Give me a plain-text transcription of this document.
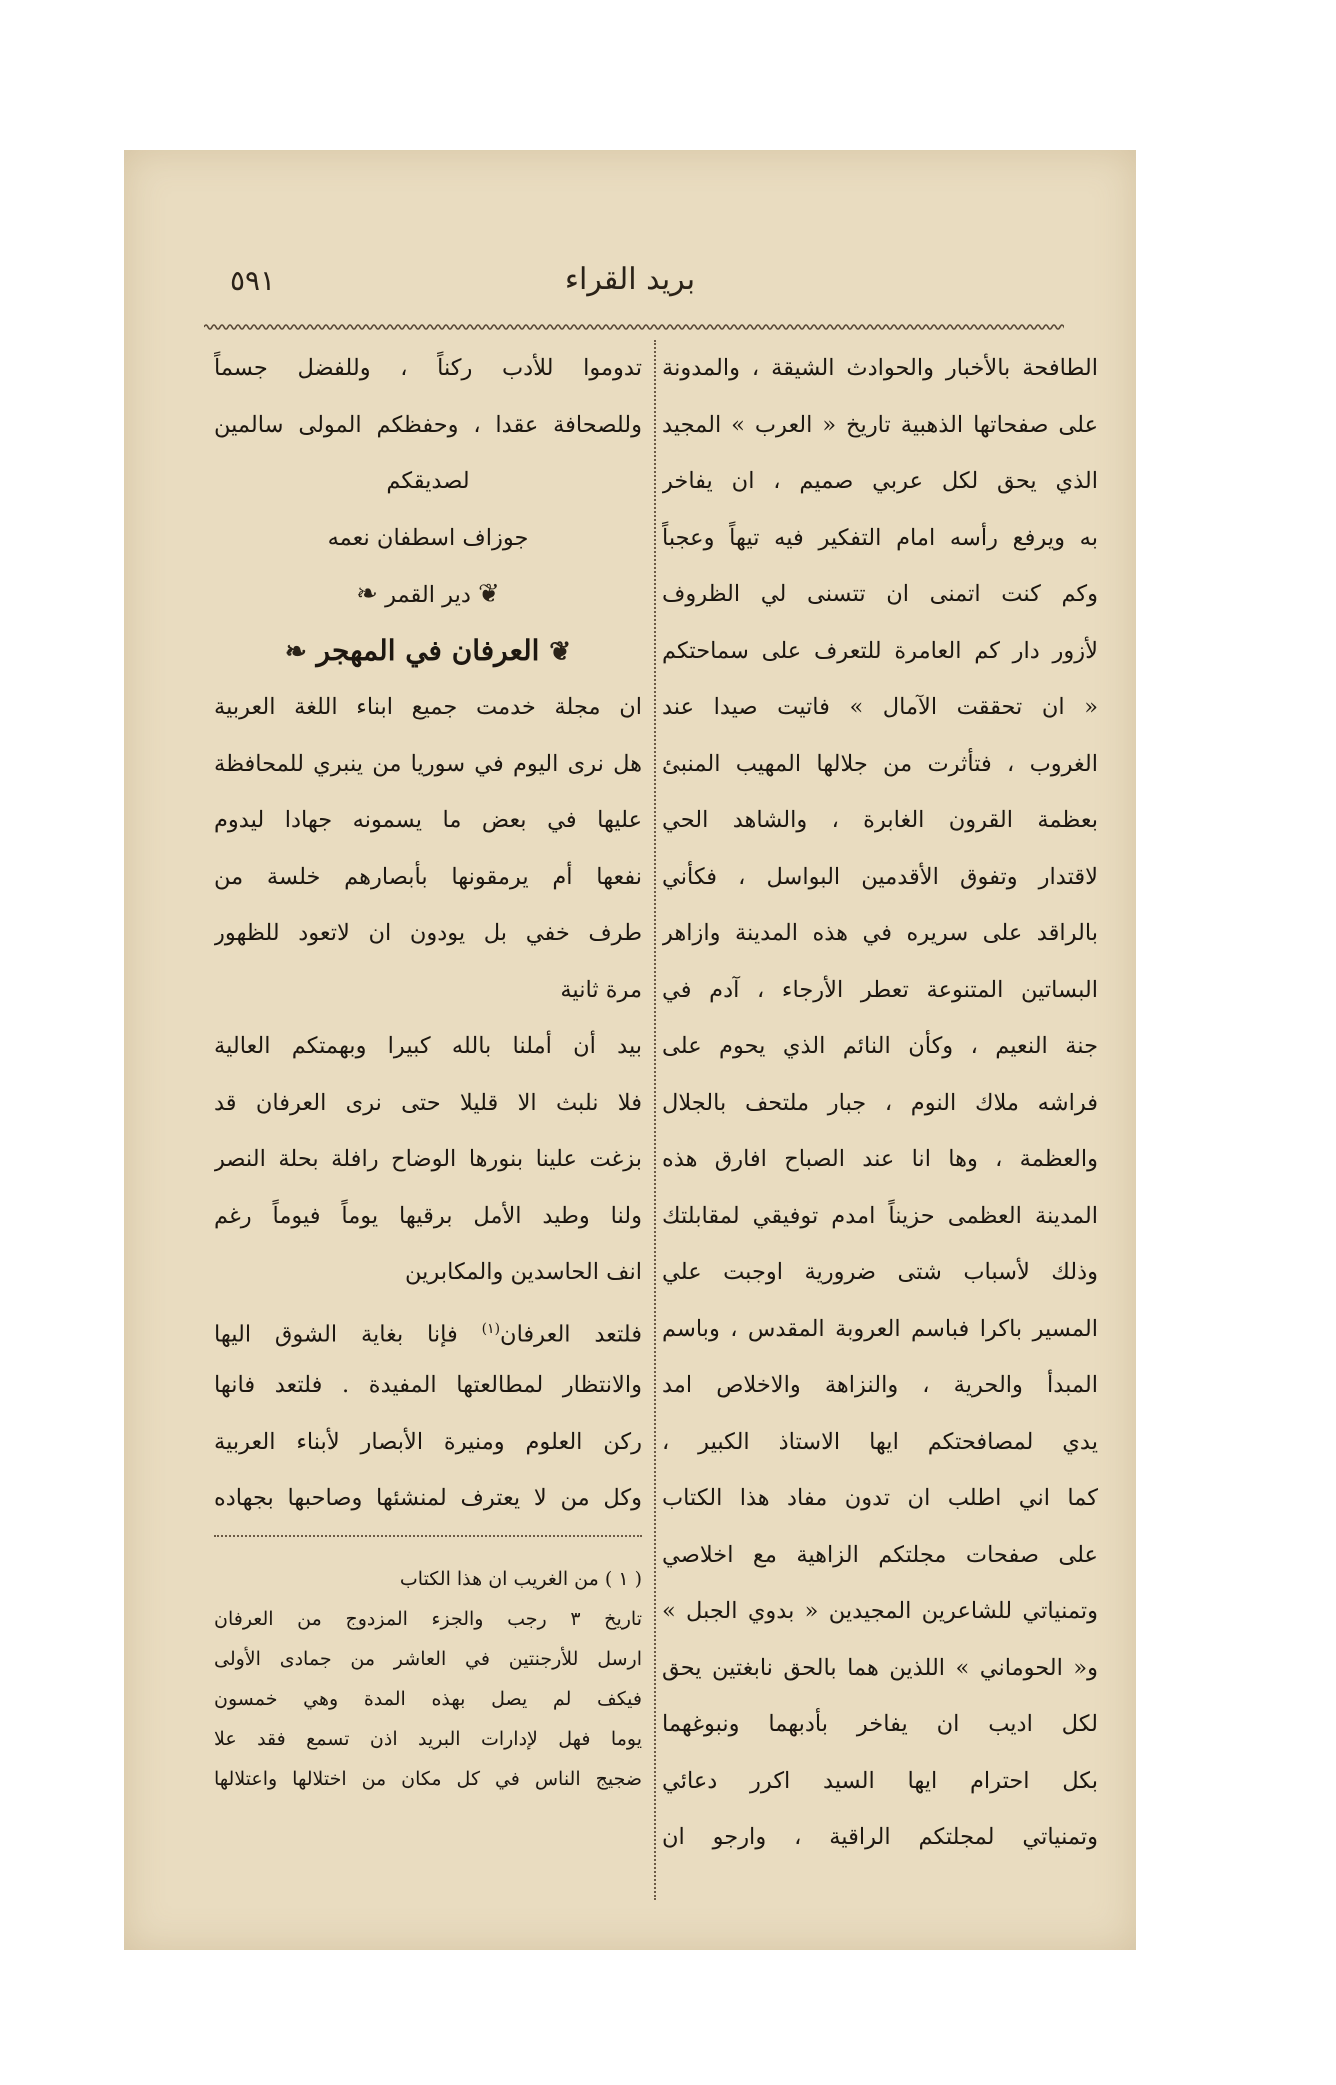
بريد القراء
٥٩١
الطافحة بالأخبار والحوادث الشيقة ، والمدونة
على صفحاتها الذهبية تاريخ « العرب » المجيد
الذي يحق لكل عربي صميم ، ان يفاخر
به ويرفع رأسه امام التفكير فيه تيهاً وعجباً
وكم كنت اتمنى ان تتسنى لي الظروف
لأزور دار كم العامرة للتعرف على سماحتكم
« ان تحققت الآمال » فاتيت صيدا عند
الغروب ، فتأثرت من جلالها المهيب المنبئ
بعظمة القرون الغابرة ، والشاهد الحي
لاقتدار وتفوق الأقدمين البواسل ، فكأني
بالراقد على سريره في هذه المدينة وازاهر
البساتين المتنوعة تعطر الأرجاء ، آدم في
جنة النعيم ، وكأن النائم الذي يحوم على
فراشه ملاك النوم ، جبار ملتحف بالجلال
والعظمة ، وها انا عند الصباح افارق هذه
المدينة العظمى حزيناً امدم توفيقي لمقابلتك
وذلك لأسباب شتى ضرورية اوجبت علي
المسير باكرا فباسم العروبة المقدس ، وباسم
المبدأ والحرية ، والنزاهة والاخلاص امد
يدي لمصافحتكم ايها الاستاذ الكبير ،
كما اني اطلب ان تدون مفاد هذا الكتاب
على صفحات مجلتكم الزاهية مع اخلاصي
وتمنياتي للشاعرين المجيدين « بدوي الجبل »
و« الحوماني » اللذين هما بالحق نابغتين يحق
لكل اديب ان يفاخر بأدبهما ونبوغهما
بكل احترام ايها السيد اكرر دعائي
وتمنياتي لمجلتكم الراقية ، وارجو ان
تدوموا للأدب ركناً ، وللفضل جسماً
وللصحافة عقدا ، وحفظكم المولى سالمين
لصديقكم
جوزاف اسطفان نعمه
❦ دير القمر ❧
❦ العرفان في المهجر ❧
ان مجلة خدمت جميع ابناء اللغة العربية
هل نرى اليوم في سوريا من ينبري للمحافظة
عليها في بعض ما يسمونه جهادا ليدوم
نفعها أم يرمقونها بأبصارهم خلسة من
طرف خفي بل يودون ان لاتعود للظهور
مرة ثانية
بيد أن أملنا بالله كبيرا وبهمتكم العالية
فلا نلبث الا قليلا حتى نرى العرفان قد
بزغت علينا بنورها الوضاح رافلة بحلة النصر
ولنا وطيد الأمل برقيها يوماً فيوماً رغم
انف الحاسدين والمكابرين
فلتعد العرفان$^{(١)}$ فإنا بغاية الشوق اليها
والانتظار لمطالعتها المفيدة . فلتعد فانها
ركن العلوم ومنيرة الأبصار لأبناء العربية
وكل من لا يعترف لمنشئها وصاحبها بجهاده
( ١ ) من الغريب ان هذا الكتاب
تاريخ ٣ رجب والجزء المزدوج من العرفان
ارسل للأرجنتين في العاشر من جمادى الأولى
فيكف لم يصل بهذه المدة وهي خمسون
يوما فهل لإدارات البريد اذن تسمع فقد علا
ضجيج الناس في كل مكان من اختلالها واعتلالها
